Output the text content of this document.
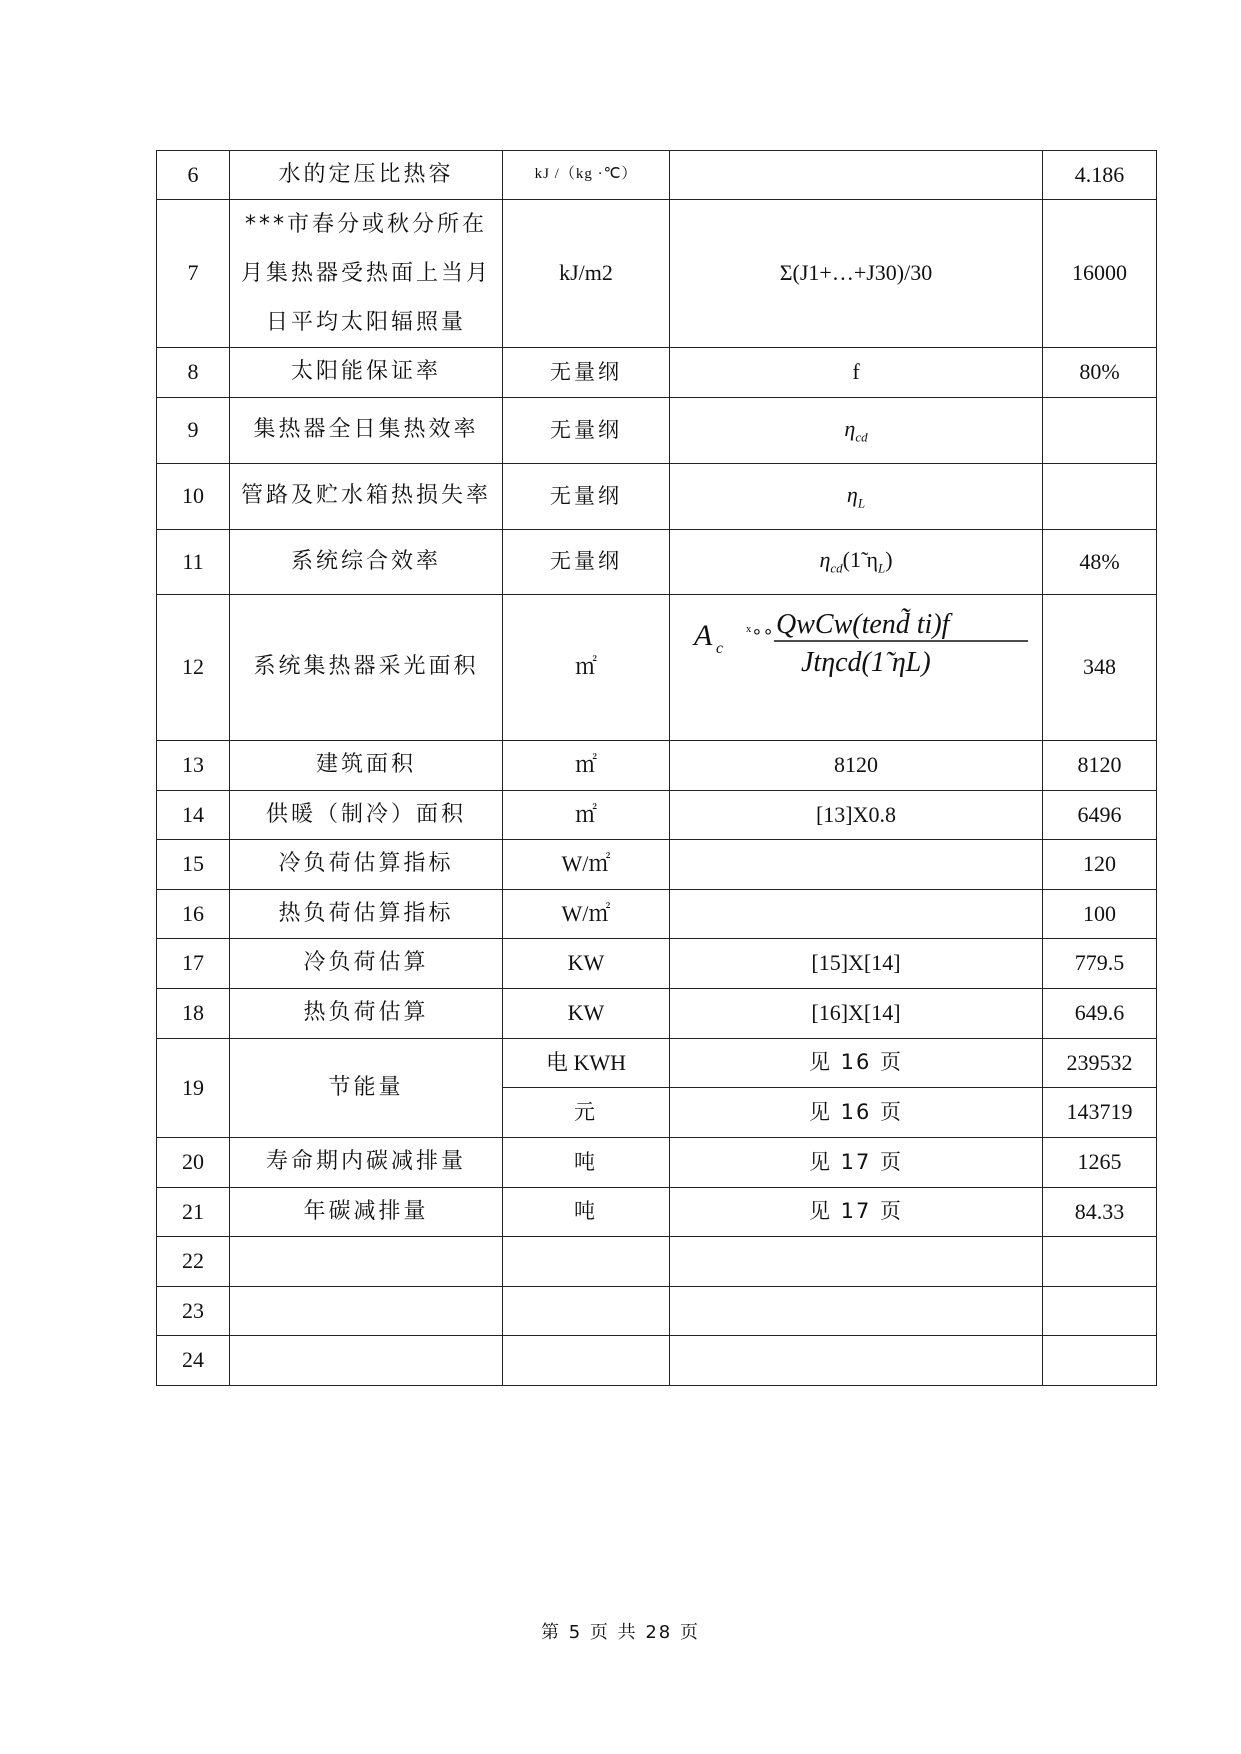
6	水的定压比热容	kJ /（kg ·℃）		4.186
7	***市春分或秋分所在月集热器受热面上当月日平均太阳辐照量	kJ/m2	Σ(J1+…+J30)/30	16000
8	太阳能保证率	无量纲	f	80%
9	集热器全日集热效率	无量纲	$\eta_{cd}$	
10	管路及贮水箱热损失率	无量纲	$\eta_L$	
11	系统综合效率	无量纲	$\eta_{cd}(1̃$ $\eta_L$)	48%
12	系统集热器采光面积	㎡	A c
ˣ∘∘ QwCw(tend̃ ti)f
Jtηcd(1̃ ηL)	348
13	建筑面积	㎡	8120	8120
14	供暖（制冷）面积	㎡	[13]X0.8	6496
15	冷负荷估算指标	W/㎡		120
16	热负荷估算指标	W/㎡		100
17	冷负荷估算	KW	[15]X[14]	779.5
18	热负荷估算	KW	[16]X[14]	649.6
19	节能量	电 KWH	见 16 页	239532
		元	见 16 页	143719
20	寿命期内碳减排量	吨	见 17 页	1265
21	年碳减排量	吨	见 17 页	84.33
22				
23				
24				
第 5 页 共 28 页
